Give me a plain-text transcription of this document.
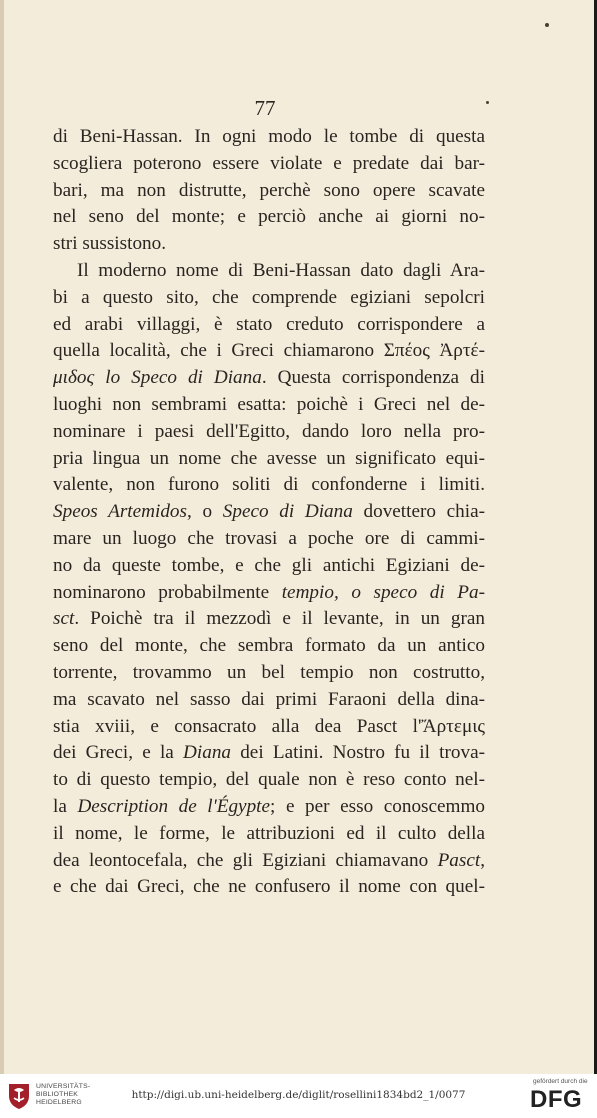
77
di Beni-Hassan. In ogni modo le tombe di questa
scogliera poterono essere violate e predate dai bar-
bari, ma non distrutte, perchè sono opere scavate
nel seno del monte; e perciò anche ai giorni no-
stri sussistono.
Il moderno nome di Beni-Hassan dato dagli Ara-
bi a questo sito, che comprende egiziani sepolcri
ed arabi villaggi, è stato creduto corrispondere a
quella località, che i Greci chiamarono Σπέος Ἀρτέ-
μιδος lo Speco di Diana. Questa corrispondenza di
luoghi non sembrami esatta: poichè i Greci nel de-
nominare i paesi dell'Egitto, dando loro nella pro-
pria lingua un nome che avesse un significato equi-
valente, non furono soliti di confonderne i limiti.
Speos Artemidos, o Speco di Diana dovettero chia-
mare un luogo che trovasi a poche ore di cammi-
no da queste tombe, e che gli antichi Egiziani de-
nominarono probabilmente tempio, o speco di Pa-
sct. Poichè tra il mezzodì e il levante, in un gran
seno del monte, che sembra formato da un antico
torrente, trovammo un bel tempio non costrutto,
ma scavato nel sasso dai primi Faraoni della dina-
stia xviii, e consacrato alla dea Pasct l'Ἄρτεμις
dei Greci, e la Diana dei Latini. Nostro fu il trova-
to di questo tempio, del quale non è reso conto nel-
la Description de l'Égypte; e per esso conoscemmo
il nome, le forme, le attribuzioni ed il culto della
dea leontocefala, che gli Egiziani chiamavano Pasct,
e che dai Greci, che ne confusero il nome con quel-
UNIVERSITÄTS-
BIBLIOTHEK
HEIDELBERG
gefördert durch die
DFG
http://digi.ub.uni-heidelberg.de/diglit/rosellini1834bd2_1/0077
